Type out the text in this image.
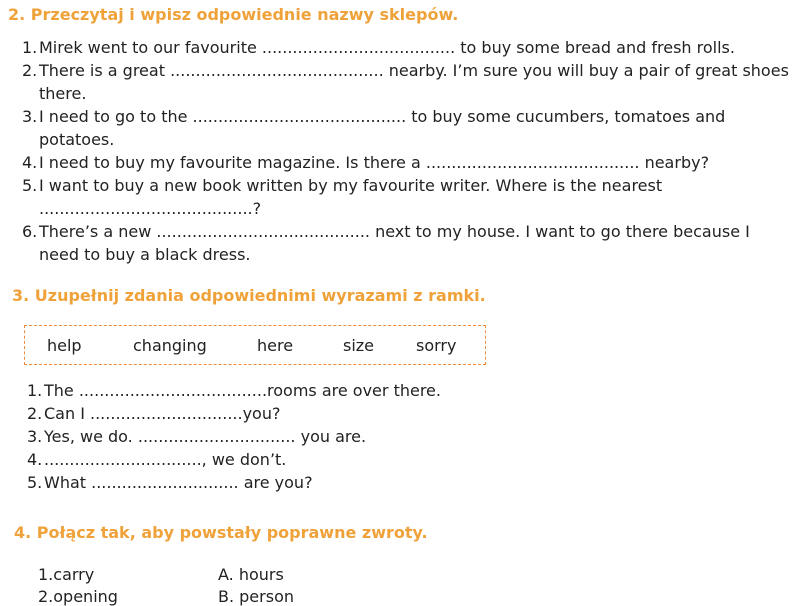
2. Przeczytaj i wpisz odpowiednie nazwy sklepów.
1. Mirek went to our favourite ...................................... to buy some bread and fresh rolls.
2. There is a great .......................................... nearby. I’m sure you will buy a pair of great shoes there.
3. I need to go to the .......................................... to buy some cucumbers, tomatoes and potatoes.
4. I need to buy my favourite magazine. Is there a .......................................... nearby?
5. I want to buy a new book written by my favourite writer. Where is the nearest ..........................................?
6. There’s a new .......................................... next to my house. I want to go there because I need to buy a black dress.
3. Uzupełnij zdania odpowiednimi wyrazami z ramki.
help	changing	here	size	sorry
1. The .....................................rooms are over there.
2. Can I ..............................you?
3. Yes, we do. ............................... you are.
4. ..............................., we don’t.
5. What ............................. are you?
4. Połącz tak, aby powstały poprawne zwroty.
1.carry	A. hours
2.opening	B. person
